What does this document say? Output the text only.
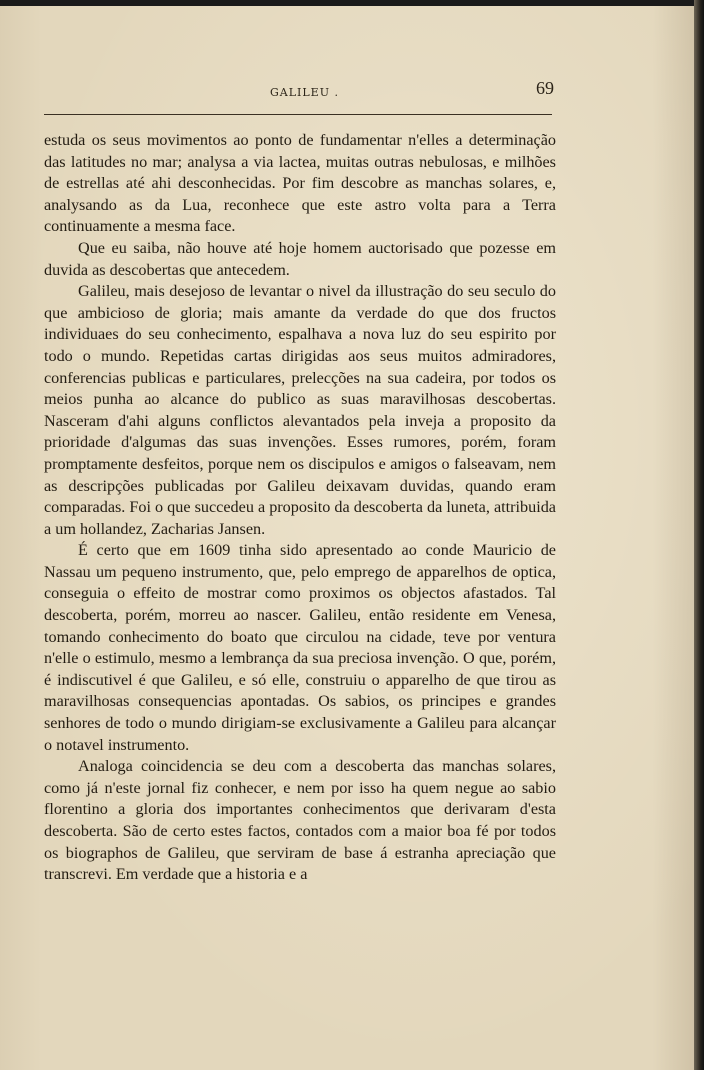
GALILEU .	69

estuda os seus movimentos ao ponto de fundamentar n'elles a determinação das latitudes no mar; analysa a via lactea, muitas outras nebulosas, e milhões de estrellas até ahi desconhecidas. Por fim descobre as manchas solares, e, analysando as da Lua, reconhece que este astro volta para a Terra continuamente a mesma face.

Que eu saiba, não houve até hoje homem auctorisado que pozesse em duvida as descobertas que antecedem.

Galileu, mais desejoso de levantar o nivel da illustração do seu seculo do que ambicioso de gloria; mais amante da verdade do que dos fructos individuaes do seu conhecimento, espalhava a nova luz do seu espirito por todo o mundo. Repetidas cartas dirigidas aos seus muitos admiradores, conferencias publicas e particulares, prelecções na sua cadeira, por todos os meios punha ao alcance do publico as suas maravilhosas descobertas. Nasceram d'ahi alguns conflictos alevantados pela inveja a proposito da prioridade d'algumas das suas invenções. Esses rumores, porém, foram promptamente desfeitos, porque nem os discipulos e amigos o falseavam, nem as descripções publicadas por Galileu deixavam duvidas, quando eram comparadas. Foi o que succedeu a proposito da descoberta da luneta, attribuida a um hollandez, Zacharias Jansen.

É certo que em 1609 tinha sido apresentado ao conde Mauricio de Nassau um pequeno instrumento, que, pelo emprego de apparelhos de optica, conseguia o effeito de mostrar como proximos os objectos afastados. Tal descoberta, porém, morreu ao nascer. Galileu, então residente em Venesa, tomando conhecimento do boato que circulou na cidade, teve por ventura n'elle o estimulo, mesmo a lembrança da sua preciosa invenção. O que, porém, é indiscutivel é que Galileu, e só elle, construiu o apparelho de que tirou as maravilhosas consequencias apontadas. Os sabios, os principes e grandes senhores de todo o mundo dirigiam-se exclusivamente a Galileu para alcançar o notavel instrumento.

Analoga coincidencia se deu com a descoberta das manchas solares, como já n'este jornal fiz conhecer, e nem por isso ha quem negue ao sabio florentino a gloria dos importantes conhecimentos que derivaram d'esta descoberta. São de certo estes factos, contados com a maior boa fé por todos os biographos de Galileu, que serviram de base á estranha apreciação que transcrevi. Em verdade que a historia e a
